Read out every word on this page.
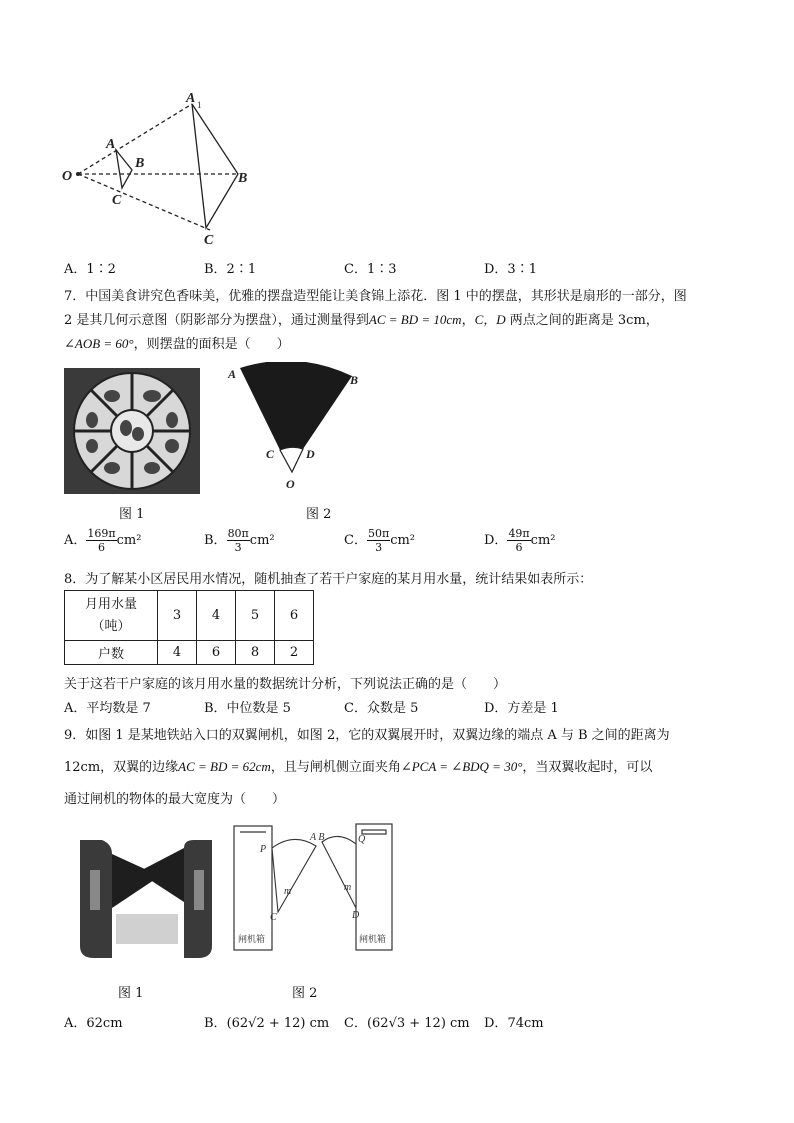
O
A
B
C
A
B
C
1
A．1∶2	B．2∶1	C．1∶3	D．3∶1
7．中国美食讲究色香味美，优雅的摆盘造型能让美食锦上添花．图 1 中的摆盘，其形状是扇形的一部分，图
2 是其几何示意图（阴影部分为摆盘），通过测量得到AC = BD = 10cm，C，D 两点之间的距离是 3cm，
∠AOB = 60°，则摆盘的面积是（　　）
图 1
A	B
C	D
O
图 2
A． $\frac{169\pi}{6} cm^2$	B． $\frac{80\pi}{3} cm^2$	C． $\frac{50\pi}{3} cm^2$	D． $\frac{49\pi}{6} cm^2$
8．为了解某小区居民用水情况，随机抽查了若干户家庭的某月用水量，统计结果如表所示：
月用水量
（吨）	3	4	5	6
户数	4	6	8	2
关于这若干户家庭的该月用水量的数据统计分析，下列说法正确的是（　　）
A．平均数是 7	B．中位数是 5	C．众数是 5	D．方差是 1
9．如图 1 是某地铁站入口的双翼闸机，如图 2，它的双翼展开时，双翼边缘的端点 A 与 B 之间的距离为
12cm，双翼的边缘AC = BD = 62cm，且与闸机侧立面夹角∠PCA = ∠BDQ = 30°，当双翼收起时，可以
通过闸机的物体的最大宽度为（　　）
图 1
P
Q
C	D
A B
m	m
闸机箱	闸机箱
图 2
A．62cm	B．(62√2 + 12) cm C．(62√3 + 12) cm D．74cm
